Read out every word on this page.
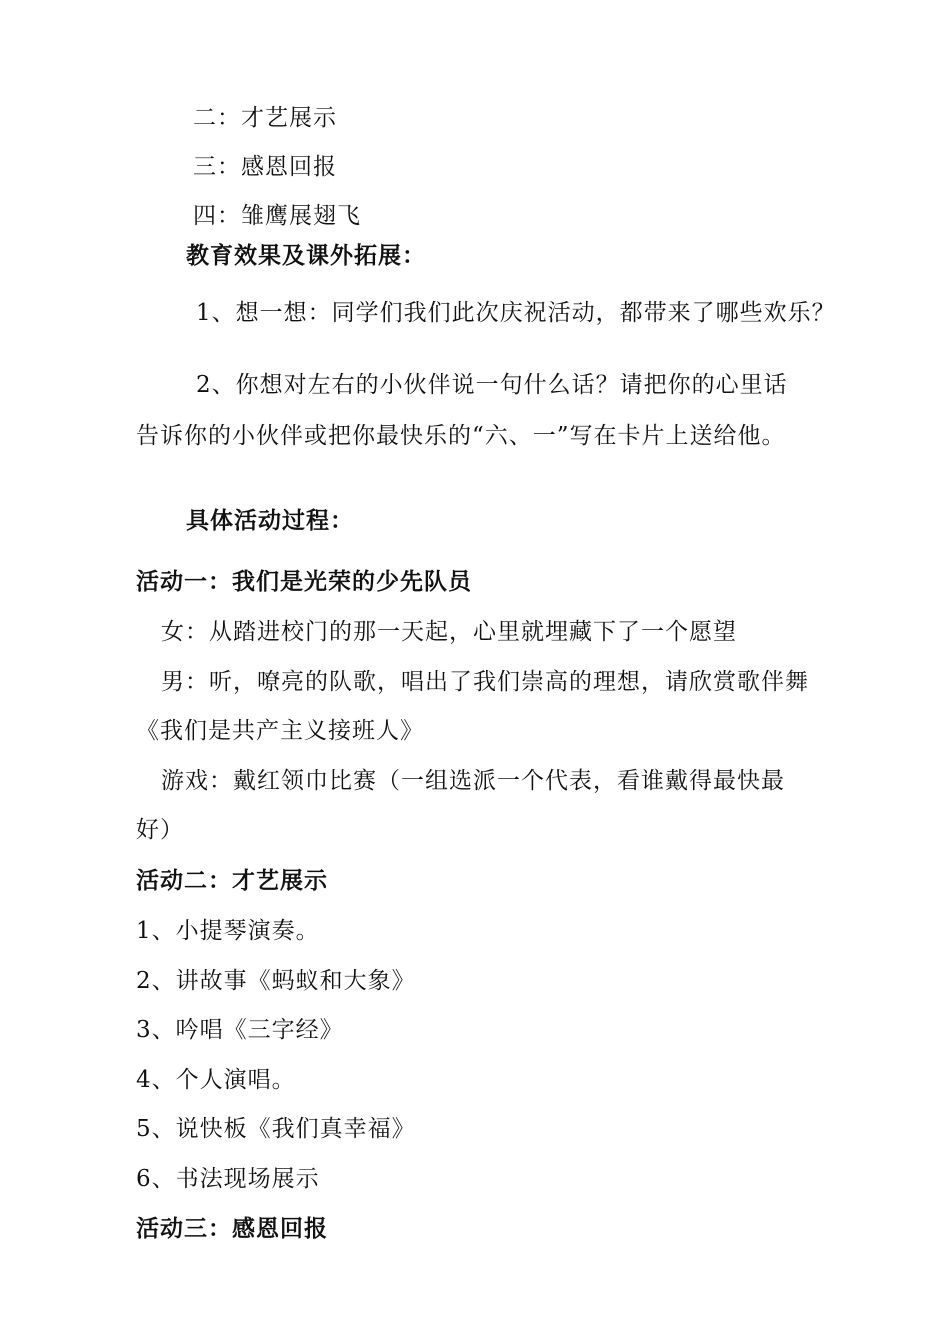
二：才艺展示
三：感恩回报
四：雏鹰展翅飞
教育效果及课外拓展：
1、想一想：同学们我们此次庆祝活动，都带来了哪些欢乐？
2、你想对左右的小伙伴说一句什么话？请把你的心里话
告诉你的小伙伴或把你最快乐的“六、一”写在卡片上送给他。
具体活动过程：
活动一：我们是光荣的少先队员
女：从踏进校门的那一天起，心里就埋藏下了一个愿望
男：听，嘹亮的队歌，唱出了我们崇高的理想，请欣赏歌伴舞
《我们是共产主义接班人》
游戏：戴红领巾比赛（一组选派一个代表，看谁戴得最快最
好）
活动二：才艺展示
1、小提琴演奏。
2、讲故事《蚂蚁和大象》
3、吟唱《三字经》
4、个人演唱。
5、说快板《我们真幸福》
6、书法现场展示
活动三：感恩回报
